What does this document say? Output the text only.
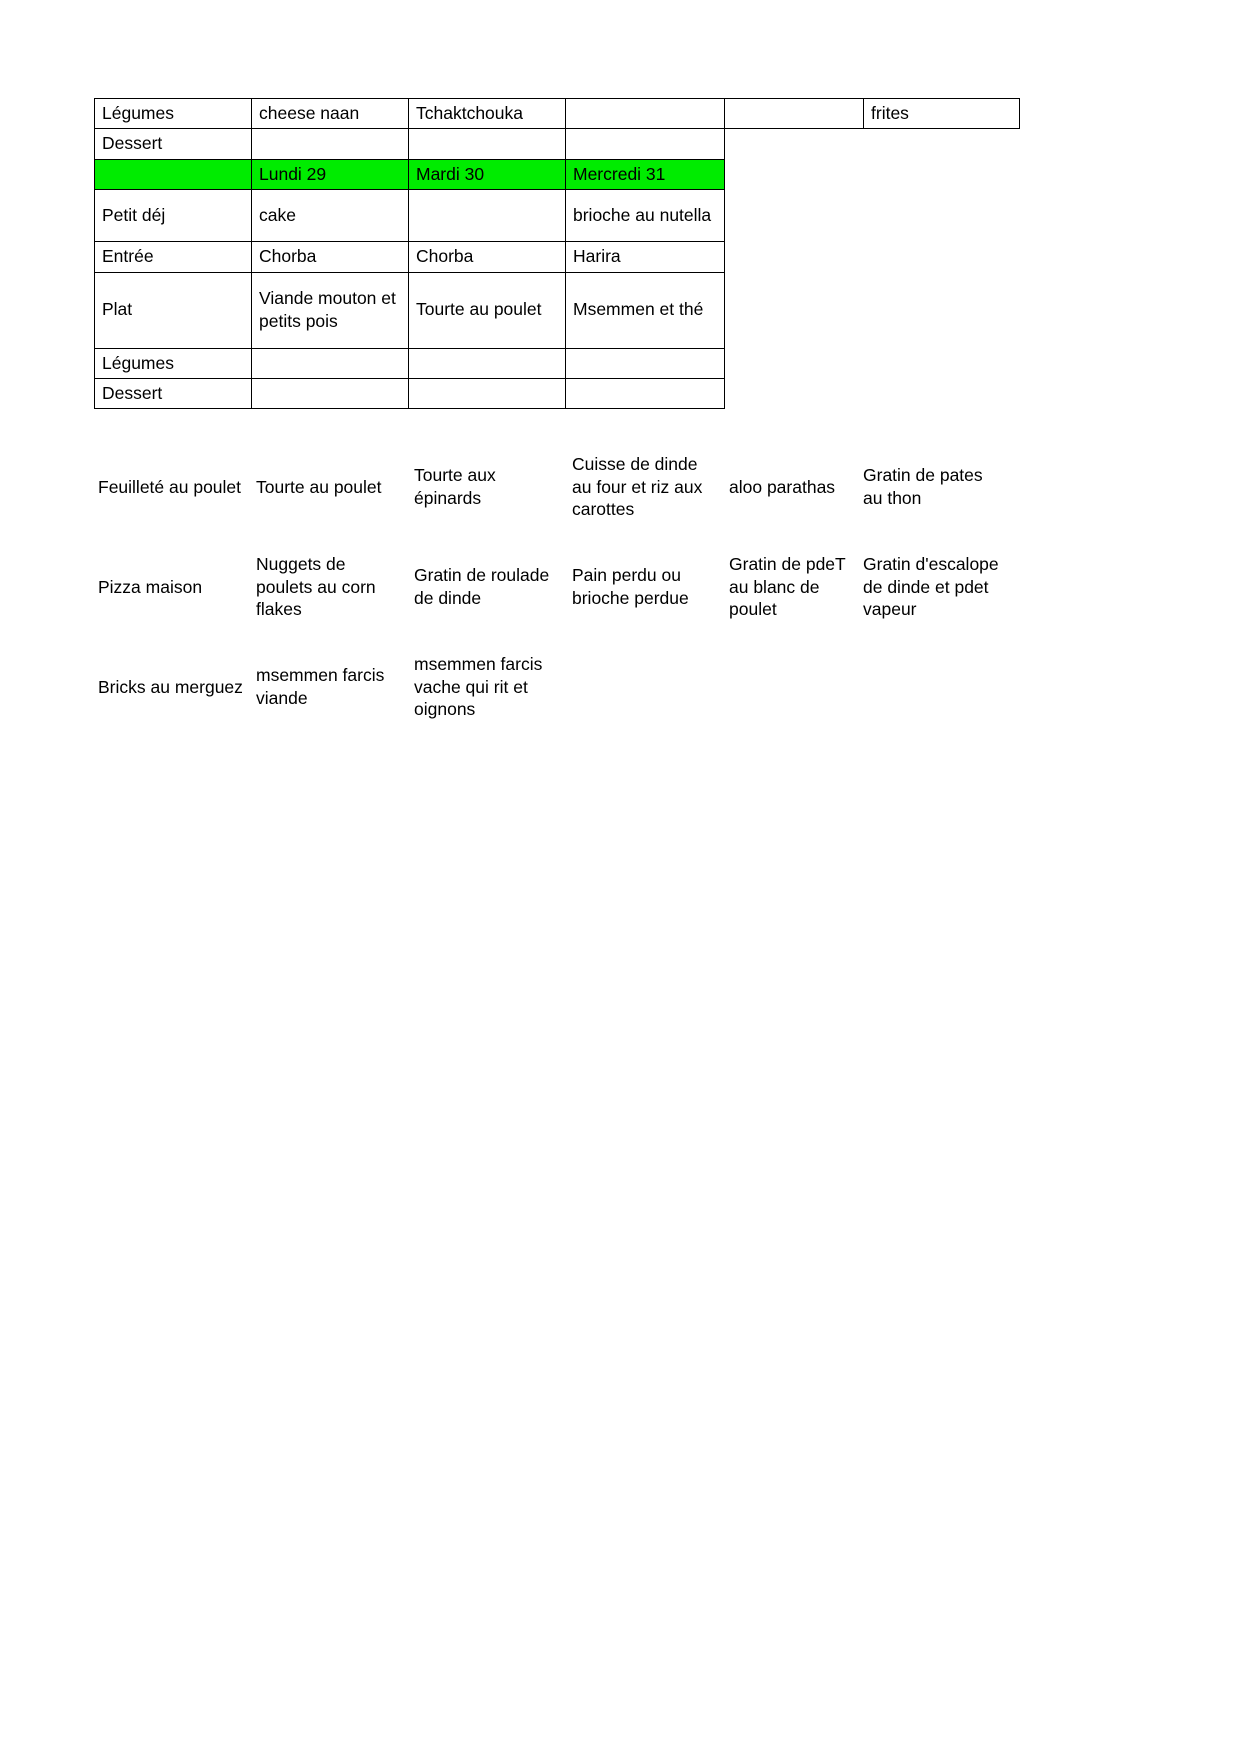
Légumes	cheese naan	Tchaktchouka			frites
Dessert					
	Lundi 29	Mardi 30	Mercredi 31		
Petit déj	cake		brioche au nutella		
Entrée	Chorba	Chorba	Harira		
Plat	Viande mouton et petits pois	Tourte au poulet	Msemmen et thé		
Légumes					
Dessert					
Feuilleté au poulet	Tourte au poulet	Tourte aux épinards	Cuisse de dinde au four et riz aux carottes	aloo parathas	Gratin de pates au thon
Pizza maison	Nuggets de poulets au corn flakes	Gratin de roulade de dinde	Pain perdu ou brioche perdue	Gratin de pdeT au blanc de poulet	Gratin d'escalope de dinde et pdet vapeur
Bricks au merguez	msemmen farcis viande	msemmen farcis vache qui rit et oignons			
